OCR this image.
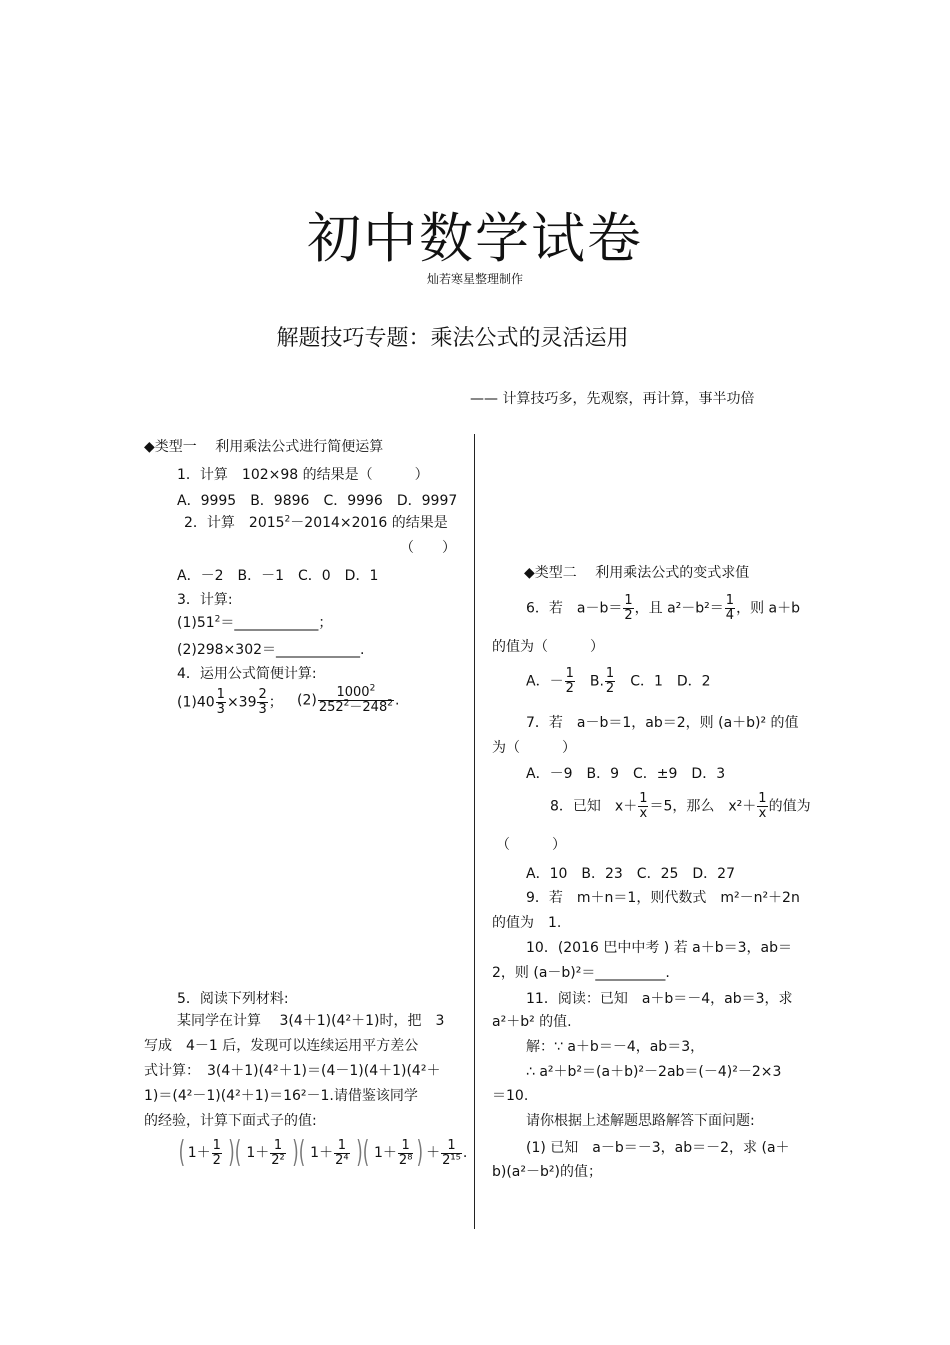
初中数学试卷
灿若寒星整理制作
解题技巧专题：乘法公式的灵活运用
—— 计算技巧多，先观察，再计算，事半功倍
◆类型一　 利用乘法公式进行简便运算
1．计算　102×98 的结果是（　　　）
A．9995　B．9896　C．9996　D．9997
2．计算　$2015^2-2014\times 2016$ 的结果是
（　　）
A．－2　B．－1　C．0　D．1
3．计算:
$(1)51^2=\_\_\_\_\_\_\_\_\_\_\_\_$；
(2)298×302＝____________.
4．运用公式简便计算:
$(1)40 \frac{1}{3} \times 39 \frac{2}{3}$ ； $(2) \frac{1000^2}{252^2-248^2}$ .
5．阅读下列材料:
某同学在计算　 3(4＋1)(4²＋1)时，把　3
写成　4－1 后，发现可以连续运用平方差公
式计算：　3(4＋1)(4²＋1)＝(4－1)(4＋1)(4²＋
1)＝(4²－1)(4²＋1)＝16²－1.请借鉴该同学
的经验，计算下面式子的值:
( $1+ \frac{1}{2}$ )( $1+ \frac{1}{\text{2²}}$ )( $1+ \frac{1}{\text{2⁴}}$ )( $1+ \frac{1}{\text{2⁸}}$ ) ＋ $\frac{1}{\text{2¹⁵}}$ .
◆类型二　 利用乘法公式的变式求值
6．若　$a-b= \frac{1}{2}$ ，且 $a^2-b^2= \frac{1}{4}$ ，则 a＋b
的值为（　　　）
A．－ $\frac{1}{2}$ 　B. $\frac{1}{2}$ 　C．1　D．2
7．若　a－b＝1，ab＝2，则 (a＋b)² 的值
为（　　　）
A．－9　B．9　C．±9　D．3
8．已知　$x+ \frac{1}{x} =5$，那么　$x^2+ \frac{1}{x}$ 的值为
（　　　）
A．10　B．23　C．25　D．27
9．若　m＋n＝1，则代数式　m²－n²＋2n
的值为　1.
10．(2016 巴中中考 ) 若 a＋b＝3，ab＝
2，则 (a－b)²＝__________.
11．阅读：已知　a＋b＝－4，ab＝3，求
a²＋b² 的值.
解：∵ a＋b＝－4，ab＝3，
∴ a²＋b²＝(a＋b)²－2ab＝(－4)²－2×3
＝10.
请你根据上述解题思路解答下面问题:
(1) 已知　a－b＝－3，ab＝－2，求 (a＋
b)(a²－b²)的值；
